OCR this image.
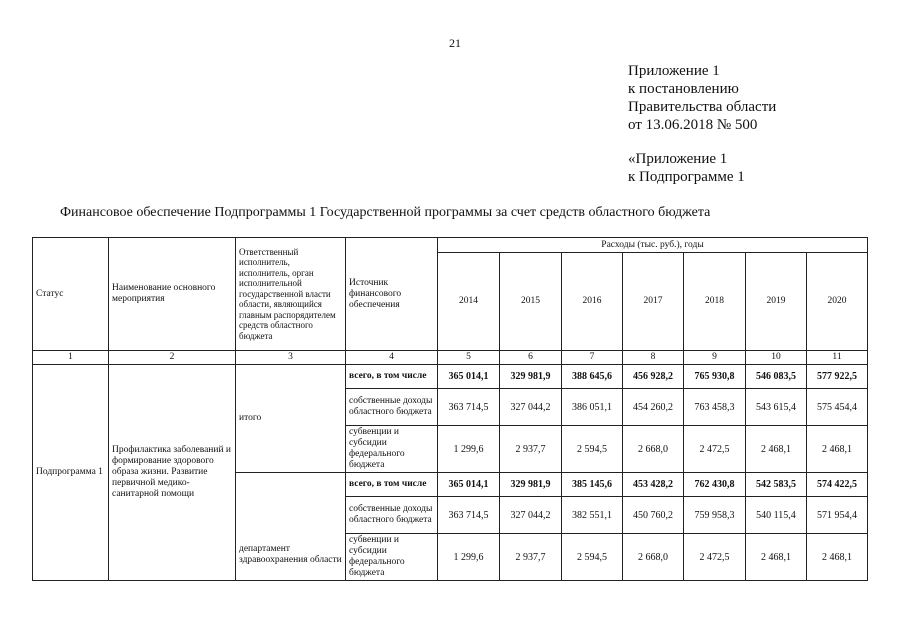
21
Приложение 1
к постановлению
Правительства области
от 13.06.2018 № 500
«Приложение 1
к Подпрограмме 1
Финансовое обеспечение Подпрограммы 1 Государственной программы за счет средств областного бюджета
Статус	Наименование основного мероприятия	Ответственный исполнитель, исполнитель, орган исполнительной государственной власти области, являющийся главным распорядителем средств областного бюджета	Источник финансового обеспечения	Расходы (тыс. руб.), годы						
				2014	2015	2016	2017	2018	2019	2020
1	2	3	4	5	6	7	8	9	10	11
Подпрограмма 1	Профилактика заболеваний и формирование здорового образа жизни. Развитие первичной медико-санитарной помощи	итого	всего, в том числе	365 014,1	329 981,9	388 645,6	456 928,2	765 930,8	546 083,5	577 922,5
			собственные доходы областного бюджета	363 714,5	327 044,2	386 051,1	454 260,2	763 458,3	543 615,4	575 454,4
			субвенции и субсидии федерального бюджета	1 299,6	2 937,7	2 594,5	2 668,0	2 472,5	2 468,1	2 468,1
		департамент здравоохранения области	всего, в том числе	365 014,1	329 981,9	385 145,6	453 428,2	762 430,8	542 583,5	574 422,5
			собственные доходы областного бюджета	363 714,5	327 044,2	382 551,1	450 760,2	759 958,3	540 115,4	571 954,4
			субвенции и субсидии федерального бюджета	1 299,6	2 937,7	2 594,5	2 668,0	2 472,5	2 468,1	2 468,1
